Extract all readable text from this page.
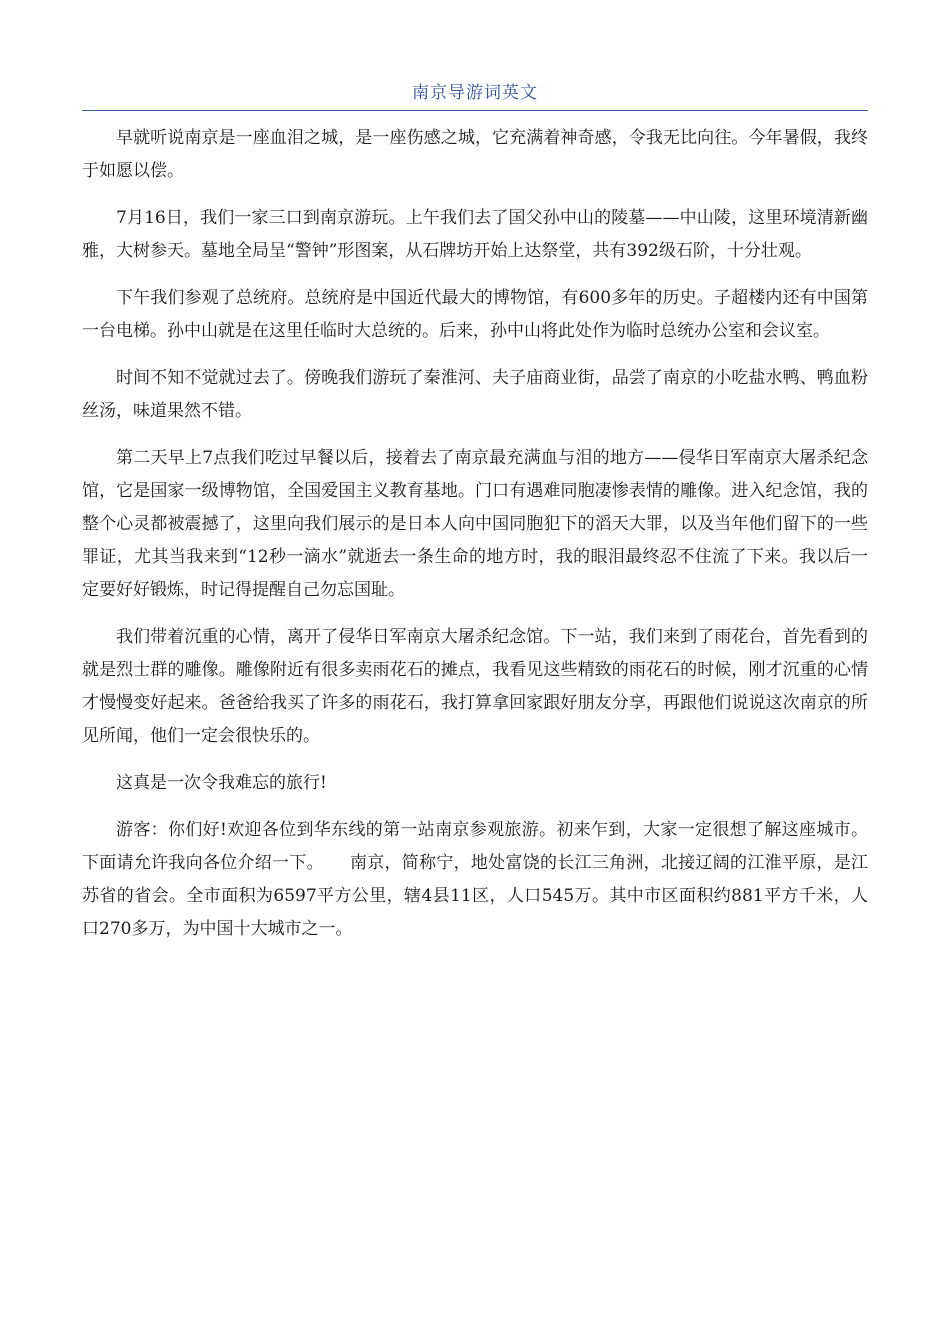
南京导游词英文

早就听说南京是一座血泪之城，是一座伤感之城，它充满着神奇感，令我无比向往。今年暑假，我终于如愿以偿。

7月16日，我们一家三口到南京游玩。上午我们去了国父孙中山的陵墓——中山陵，这里环境清新幽雅，大树参天。墓地全局呈“警钟”形图案，从石牌坊开始上达祭堂，共有392级石阶，十分壮观。

下午我们参观了总统府。总统府是中国近代最大的博物馆，有600多年的历史。子超楼内还有中国第一台电梯。孙中山就是在这里任临时大总统的。后来，孙中山将此处作为临时总统办公室和会议室。

时间不知不觉就过去了。傍晚我们游玩了秦淮河、夫子庙商业街，品尝了南京的小吃盐水鸭、鸭血粉丝汤，味道果然不错。

第二天早上7点我们吃过早餐以后，接着去了南京最充满血与泪的地方——侵华日军南京大屠杀纪念馆，它是国家一级博物馆，全国爱国主义教育基地。门口有遇难同胞凄惨表情的雕像。进入纪念馆，我的整个心灵都被震撼了，这里向我们展示的是日本人向中国同胞犯下的滔天大罪，以及当年他们留下的一些罪证，尤其当我来到“12秒一滴水”就逝去一条生命的地方时，我的眼泪最终忍不住流了下来。我以后一定要好好锻炼，时记得提醒自己勿忘国耻。

我们带着沉重的心情，离开了侵华日军南京大屠杀纪念馆。下一站，我们来到了雨花台，首先看到的就是烈士群的雕像。雕像附近有很多卖雨花石的摊点，我看见这些精致的雨花石的时候，刚才沉重的心情才慢慢变好起来。爸爸给我买了许多的雨花石，我打算拿回家跟好朋友分享，再跟他们说说这次南京的所见所闻，他们一定会很快乐的。

这真是一次令我难忘的旅行!

游客：你们好!欢迎各位到华东线的第一站南京参观旅游。初来乍到，大家一定很想了解这座城市。下面请允许我向各位介绍一下。　　南京，简称宁，地处富饶的长江三角洲，北接辽阔的江淮平原，是江苏省的省会。全市面积为6597平方公里，辖4县11区，人口545万。其中市区面积约881平方千米，人口270多万，为中国十大城市之一。
